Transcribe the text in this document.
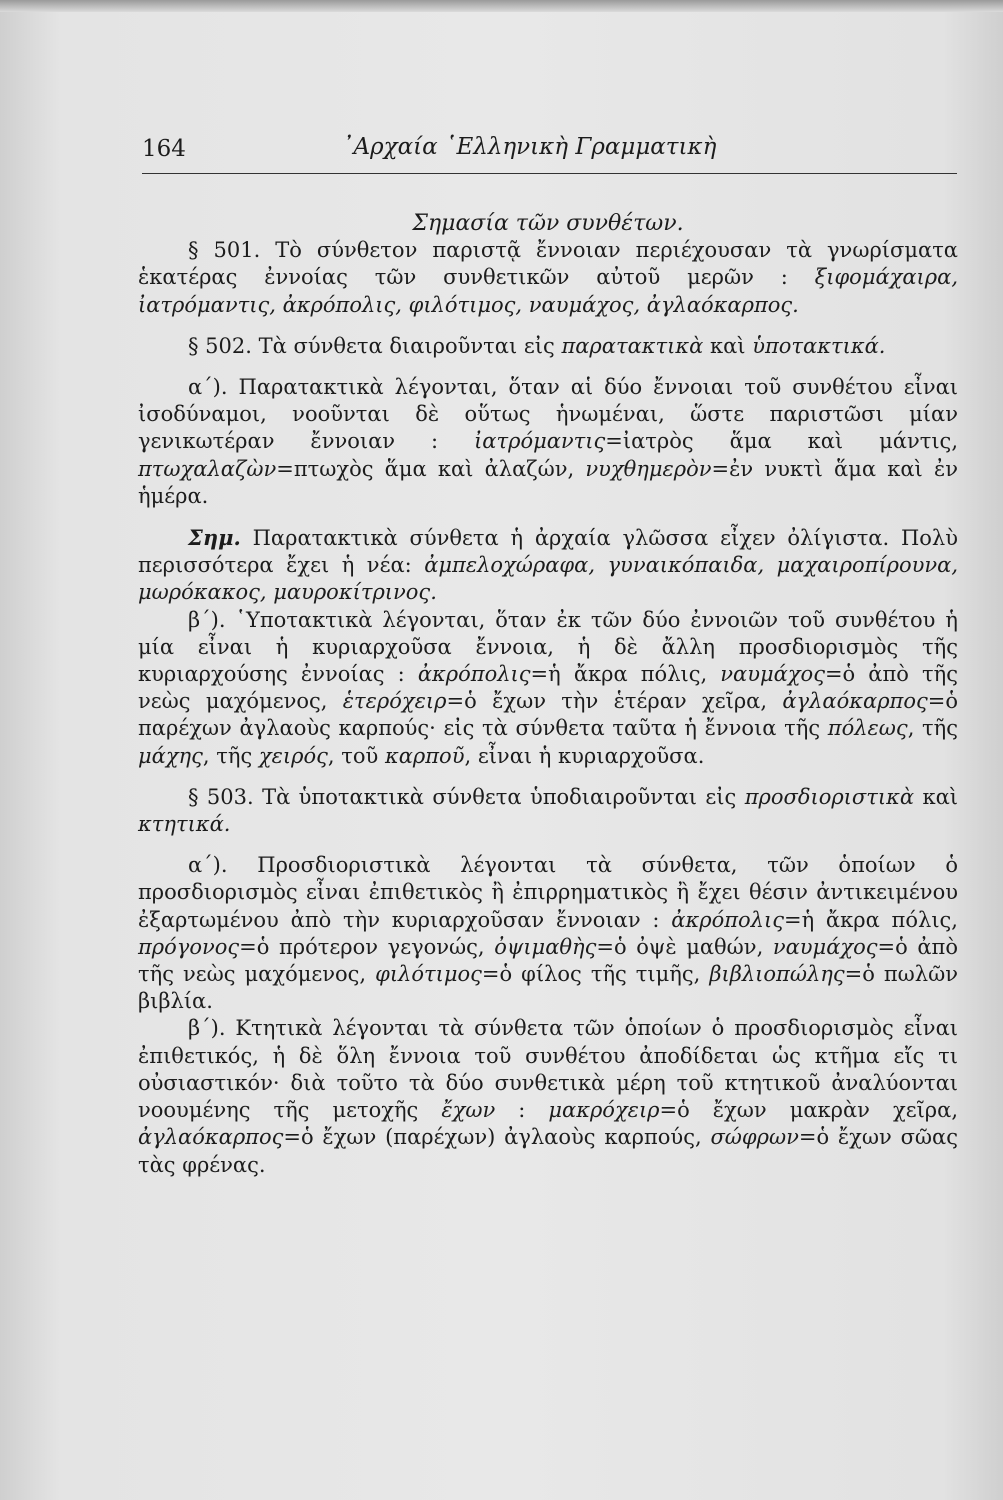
164	᾿Αρχαία ῾Ελληνικὴ Γραμματικὴ

Σημασία τῶν συνθέτων.

§ 501. Τὸ σύνθετον παριστᾷ ἔννοιαν περιέχουσαν τὰ γνωρίσματα ἑκατέρας ἐννοίας τῶν συνθετικῶν αὐτοῦ μερῶν : ξιφομάχαιρα, ἰατρόμαντις, ἀκρόπολις, φιλότιμος, ναυμάχος, ἀγλαόκαρπος.

§ 502. Τὰ σύνθετα διαιροῦνται εἰς παρατακτικὰ καὶ ὑποτακτικά.

α΄). Παρατακτικὰ λέγονται, ὅταν αἱ δύο ἔννοιαι τοῦ συνθέτου εἶναι ἰσοδύναμοι, νοοῦνται δὲ οὕτως ἡνωμέναι, ὥστε παριστῶσι μίαν γενικωτέραν ἔννοιαν : ἰατρόμαντις=ἰατρὸς ἅμα καὶ μάντις, πτωχαλαζὼν=πτωχὸς ἅμα καὶ ἀλαζών, νυχθημερὸν=ἐν νυκτὶ ἅμα καὶ ἐν ἡμέρα.

Σημ. Παρατακτικὰ σύνθετα ἡ ἀρχαία γλῶσσα εἶχεν ὀλίγιστα. Πολὺ περισσότερα ἔχει ἡ νέα: ἀμπελοχώραφα, γυναικόπαιδα, μαχαιροπίρουνα, μωρόκακος, μαυροκίτρινος.

β΄). ῾Υποτακτικὰ λέγονται, ὅταν ἐκ τῶν δύο ἐννοιῶν τοῦ συνθέτου ἡ μία εἶναι ἡ κυριαρχοῦσα ἔννοια, ἡ δὲ ἄλλη προσδιορισμὸς τῆς κυριαρχούσης ἐννοίας : ἀκρόπολις=ἡ ἄκρα πόλις, ναυμάχος=ὁ ἀπὸ τῆς νεὼς μαχόμενος, ἑτερόχειρ=ὁ ἔχων τὴν ἑτέραν χεῖρα, ἀγλαόκαρπος=ὁ παρέχων ἀγλαοὺς καρπούς· εἰς τὰ σύνθετα ταῦτα ἡ ἔννοια τῆς πόλεως, τῆς μάχης, τῆς χειρός, τοῦ καρποῦ, εἶναι ἡ κυριαρχοῦσα.

§ 503. Τὰ ὑποτακτικὰ σύνθετα ὑποδιαιροῦνται εἰς προσδιοριστικὰ καὶ κτητικά.

α΄). Προσδιοριστικὰ λέγονται τὰ σύνθετα, τῶν ὁποίων ὁ προσδιορισμὸς εἶναι ἐπιθετικὸς ἢ ἐπιρρηματικὸς ἢ ἔχει θέσιν ἀντικειμένου ἐξαρτωμένου ἀπὸ τὴν κυριαρχοῦσαν ἔννοιαν : ἀκρόπολις=ἡ ἄκρα πόλις, πρόγονος=ὁ πρότερον γεγονώς, ὀψιμαθὴς=ὁ ὀψὲ μαθών, ναυμάχος=ὁ ἀπὸ τῆς νεὼς μαχόμενος, φιλότιμος=ὁ φίλος τῆς τιμῆς, βιβλιοπώλης=ὁ πωλῶν βιβλία.

β΄). Κτητικὰ λέγονται τὰ σύνθετα τῶν ὁποίων ὁ προσδιορισμὸς εἶναι ἐπιθετικός, ἡ δὲ ὅλη ἔννοια τοῦ συνθέτου ἀποδίδεται ὡς κτῆμα εἴς τι οὐσιαστικόν· διὰ τοῦτο τὰ δύο συνθετικὰ μέρη τοῦ κτητικοῦ ἀναλύονται νοουμένης τῆς μετοχῆς ἔχων : μακρόχειρ=ὁ ἔχων μακρὰν χεῖρα, ἀγλαόκαρπος=ὁ ἔχων (παρέχων) ἀγλαοὺς καρπούς, σώφρων=ὁ ἔχων σῶας τὰς φρένας.
